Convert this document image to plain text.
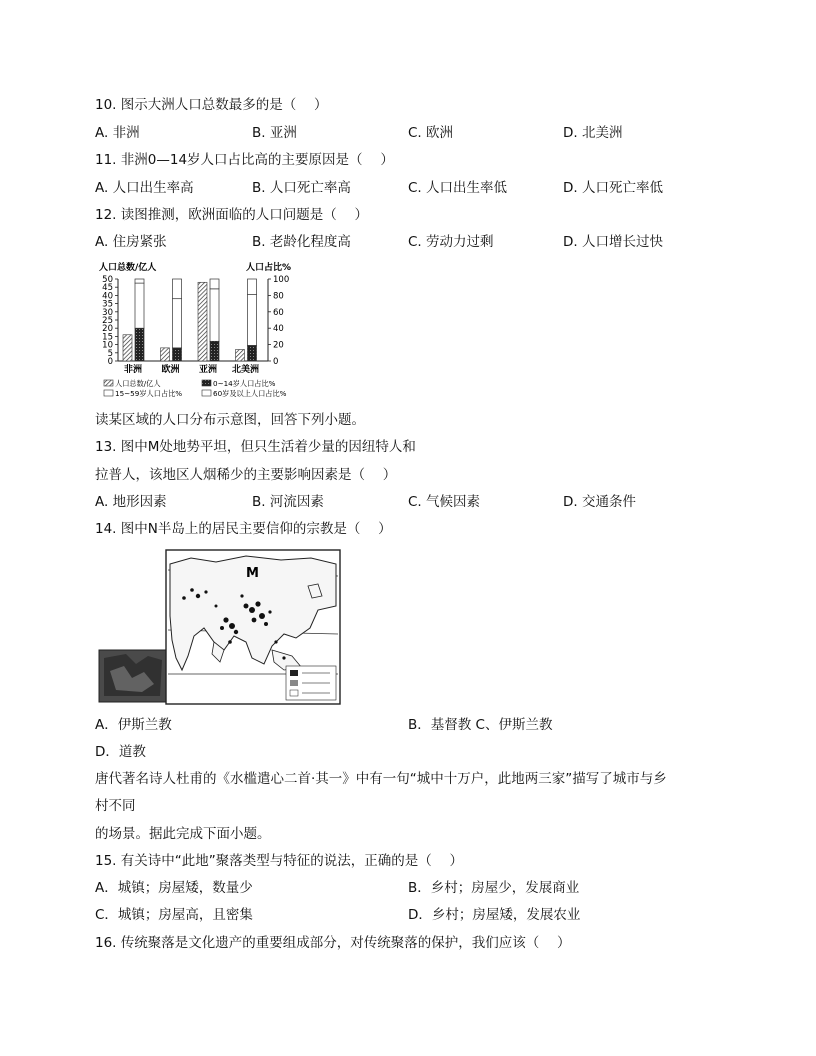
10. 图示大洲人口总数最多的是（　 ）
A. 非洲	B. 亚洲	C. 欧洲	D. 北美洲
11. 非洲0—14岁人口占比高的主要原因是（　 ）
A. 人口出生率高	B. 人口死亡率高	C. 人口出生率低	D. 人口死亡率低
12. 读图推测，欧洲面临的人口问题是（　 ）
A. 住房紧张	B. 老龄化程度高	C. 劳动力过剩	D. 人口增长过快
人口总数/亿人	人口占比%
0
5
10
15
20
25
30
35
40
45
50
0
20
40
60
80
100
非洲 欧洲 亚洲 北美洲
人口总数/亿人	0~14岁人口占比%
15~59岁人口占比%	60岁及以上人口占比%
读某区域的人口分布示意图，回答下列小题。
13. 图中M处地势平坦，但只生活着少量的因纽特人和
拉普人，该地区人烟稀少的主要影响因素是（　 ）
A. 地形因素	B. 河流因素	C. 气候因素	D. 交通条件
14. 图中N半岛上的居民主要信仰的宗教是（　 ）
M
A．伊斯兰教	B．基督教 C、伊斯兰教
D．道教
唐代著名诗人杜甫的《水槛遣心二首·其一》中有一句“城中十万户，此地两三家”描写了城市与乡
村不同
的场景。据此完成下面小题。
15. 有关诗中“此地”聚落类型与特征的说法，正确的是（　 ）
A．城镇；房屋矮，数量少	B．乡村；房屋少，发展商业
C．城镇；房屋高，且密集	D．乡村；房屋矮，发展农业
16. 传统聚落是文化遗产的重要组成部分，对传统聚落的保护，我们应该（　 ）
